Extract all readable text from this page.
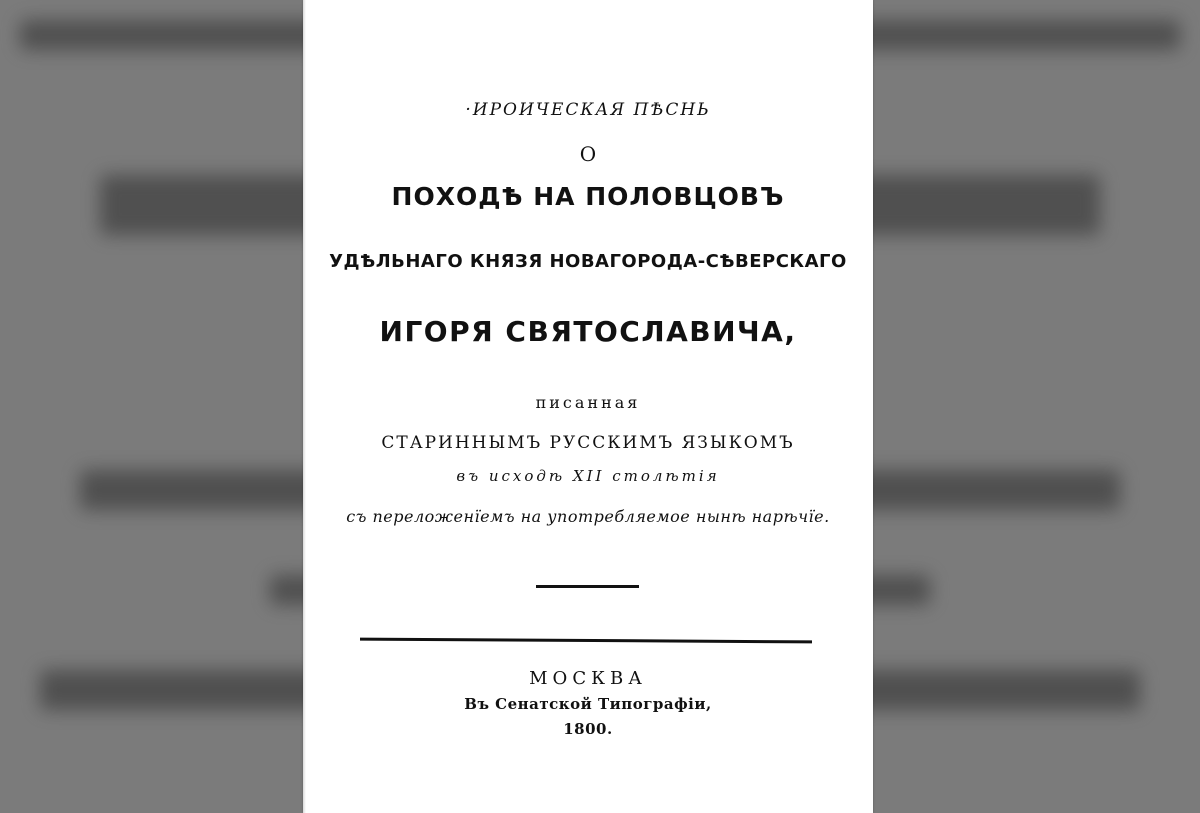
·ИРОИЧЕСКАЯ ПѢСНЬ
О
ПОХОДѢ НА ПОЛОВЦОВЪ
УДѢЛЬНАГО КНЯЗЯ НОВАГОРОДА-СѢВЕРСКАГО
ИГОРЯ СВЯТОСЛАВИЧА,
писанная
СТАРИННЫМЪ РУССКИМЪ ЯЗЫКОМЪ
въ исходѣ XII столѣтія
съ переложенїемъ на употребляемое нынѣ нарѣчїе.
МОСКВА
Въ Сенатской Типографіи,
1800.
